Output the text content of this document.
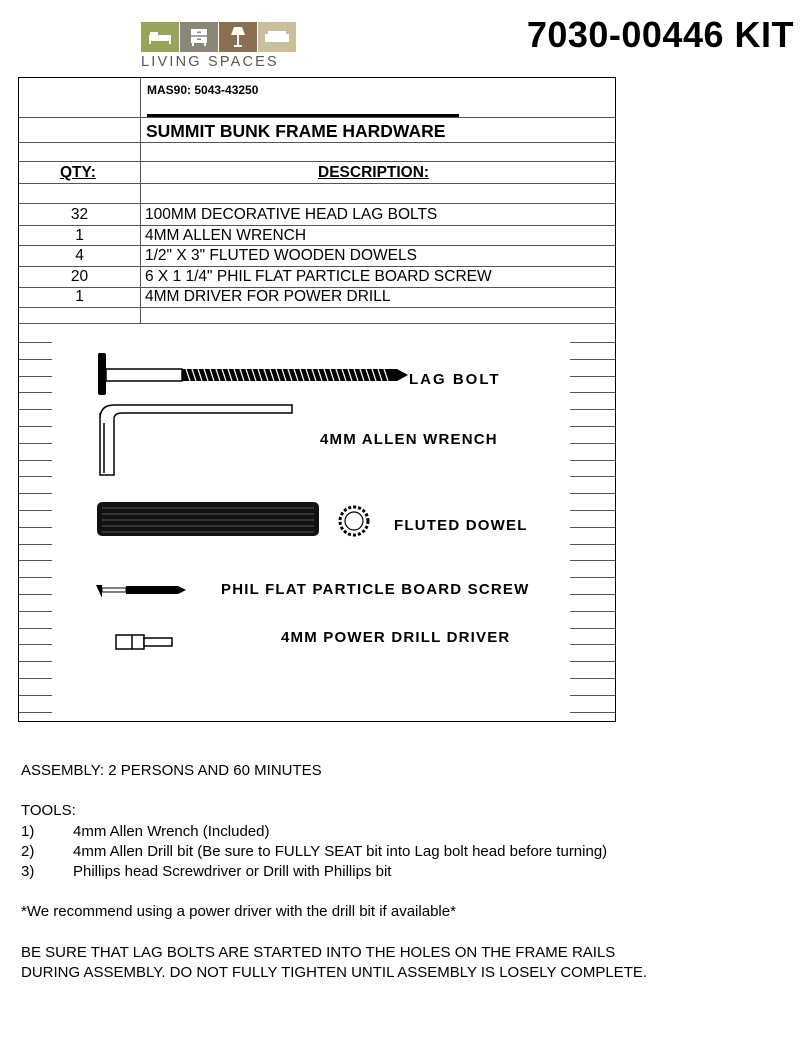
LIVING SPACES
7030-00446 KIT
MAS90: 5043-43250
SUMMIT BUNK FRAME HARDWARE
QTY:	DESCRIPTION:
32	100MM DECORATIVE HEAD LAG BOLTS
1	4MM ALLEN WRENCH
4	1/2" X 3" FLUTED WOODEN DOWELS
20	6 X 1 1/4" PHIL FLAT PARTICLE BOARD SCREW
1	4MM DRIVER FOR POWER DRILL
LAG BOLT
4MM ALLEN WRENCH
FLUTED DOWEL
PHIL FLAT PARTICLE BOARD SCREW
4MM POWER DRILL DRIVER

ASSEMBLY: 2 PERSONS AND 60 MINUTES

TOOLS:

1)	4mm Allen Wrench (Included)

2)	4mm Allen Drill bit (Be sure to FULLY SEAT bit into Lag bolt head before turning)

3)	Phillips head Screwdriver or Drill with Phillips bit

*We recommend using a power driver with the drill bit if available*

BE SURE THAT LAG BOLTS ARE STARTED INTO THE HOLES ON THE FRAME RAILS

DURING ASSEMBLY. DO NOT FULLY TIGHTEN UNTIL ASSEMBLY IS LOSELY COMPLETE.
